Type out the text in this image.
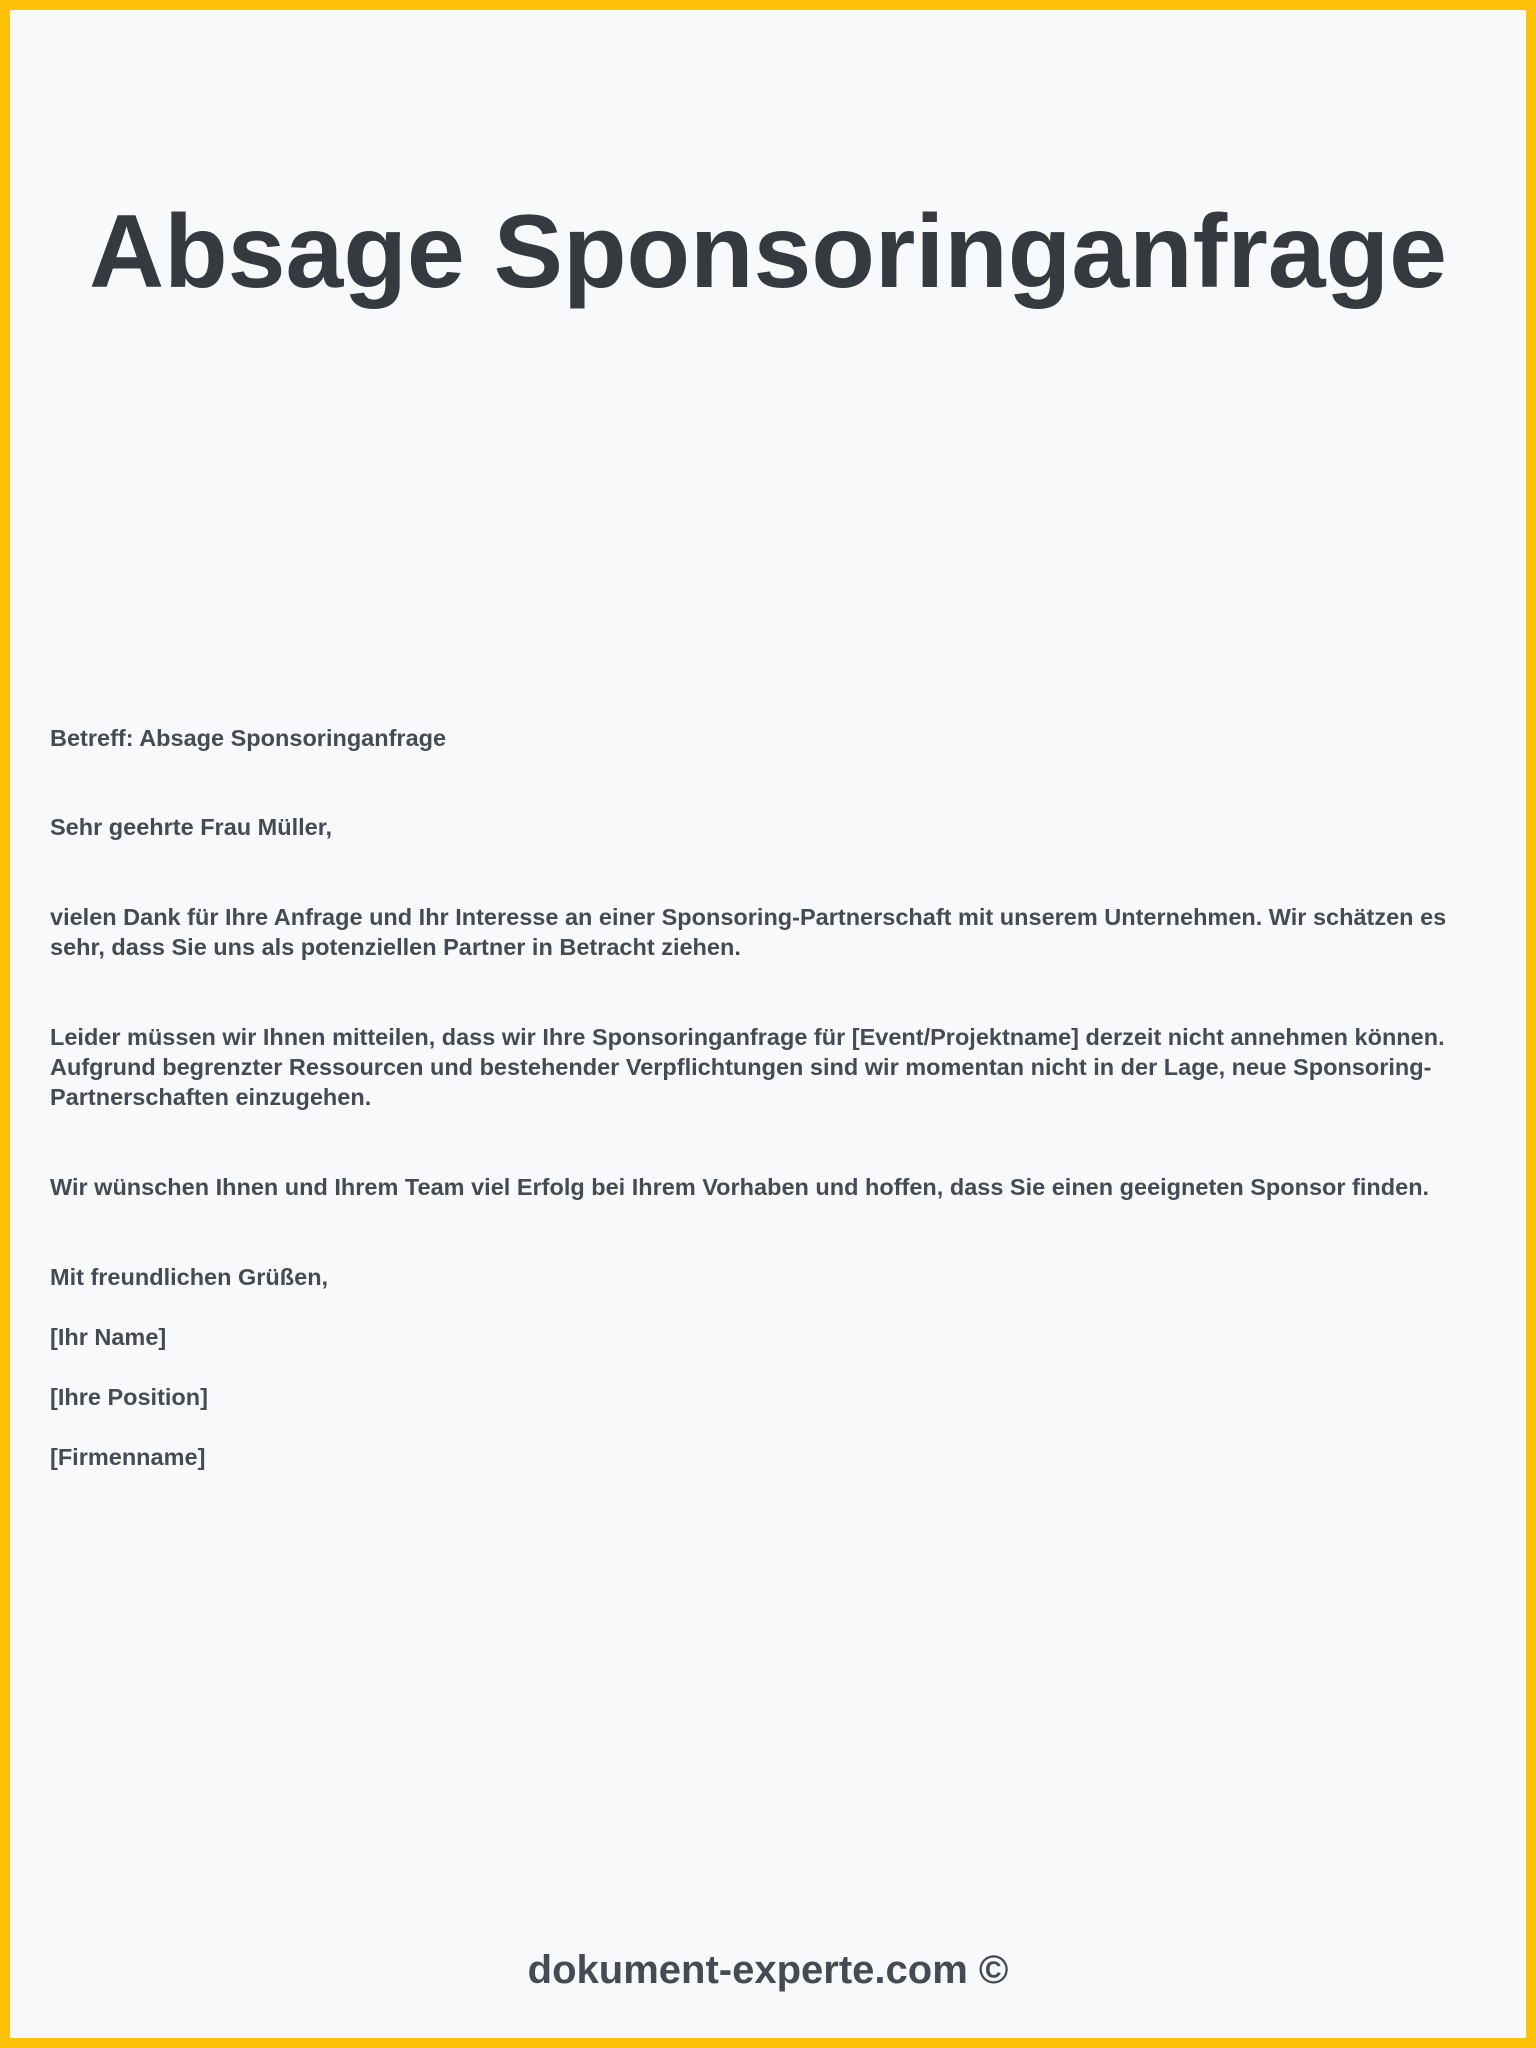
Absage Sponsoringanfrage

Betreff: Absage Sponsoringanfrage

Sehr geehrte Frau Müller,

vielen Dank für Ihre Anfrage und Ihr Interesse an einer Sponsoring-Partnerschaft mit unserem Unternehmen. Wir schätzen es sehr, dass Sie uns als potenziellen Partner in Betracht ziehen.

Leider müssen wir Ihnen mitteilen, dass wir Ihre Sponsoringanfrage für [Event/Projektname] derzeit nicht annehmen können. Aufgrund begrenzter Ressourcen und bestehender Verpflichtungen sind wir momentan nicht in der Lage, neue Sponsoring-Partnerschaften einzugehen.

Wir wünschen Ihnen und Ihrem Team viel Erfolg bei Ihrem Vorhaben und hoffen, dass Sie einen geeigneten Sponsor finden.

Mit freundlichen Grüßen,

[Ihr Name]

[Ihre Position]

[Firmenname]

dokument-experte.com ©
